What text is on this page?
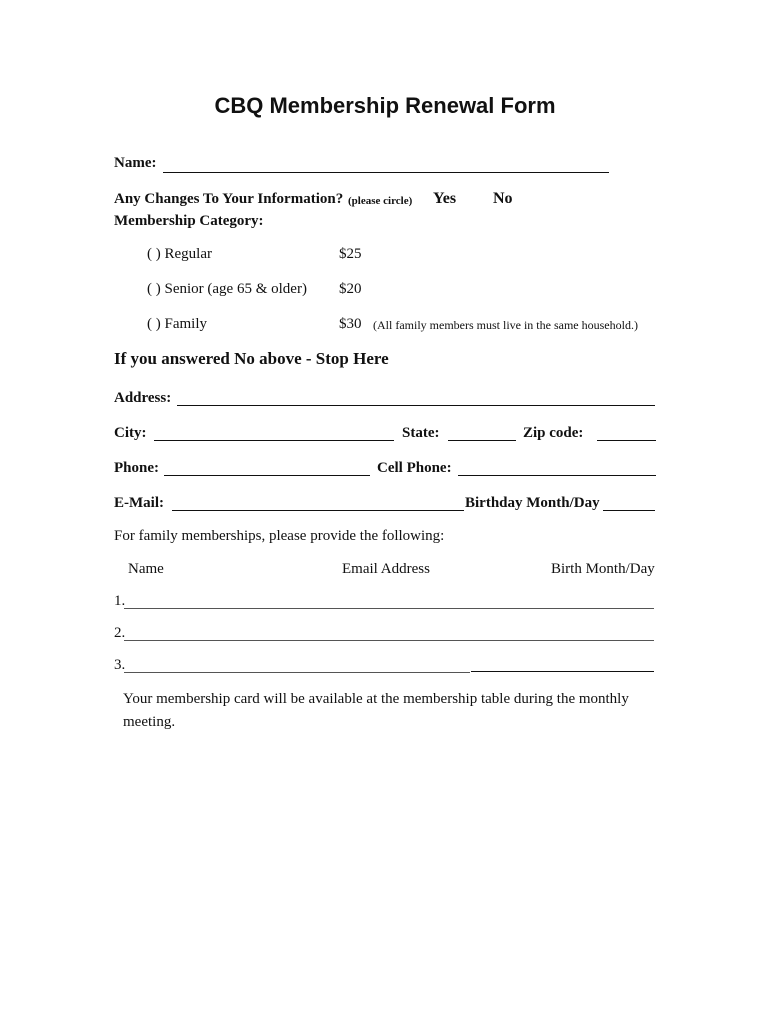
CBQ Membership Renewal Form
Name:
Any Changes To Your Information? (please circle) Yes No
Membership Category:
( ) Regular	$25
( ) Senior (age 65 & older) $20
( ) Family	$30 (All family members must live in the same household.)
If you answered No above - Stop Here
Address:
City:	State:	Zip code:
Phone:	Cell Phone:
E-Mail:	Birthday Month/Day
For family memberships, please provide the following:
Name	Email Address	Birth Month/Day
1.
2.
3.
Your membership card will be available at the membership table during the monthly meeting.
